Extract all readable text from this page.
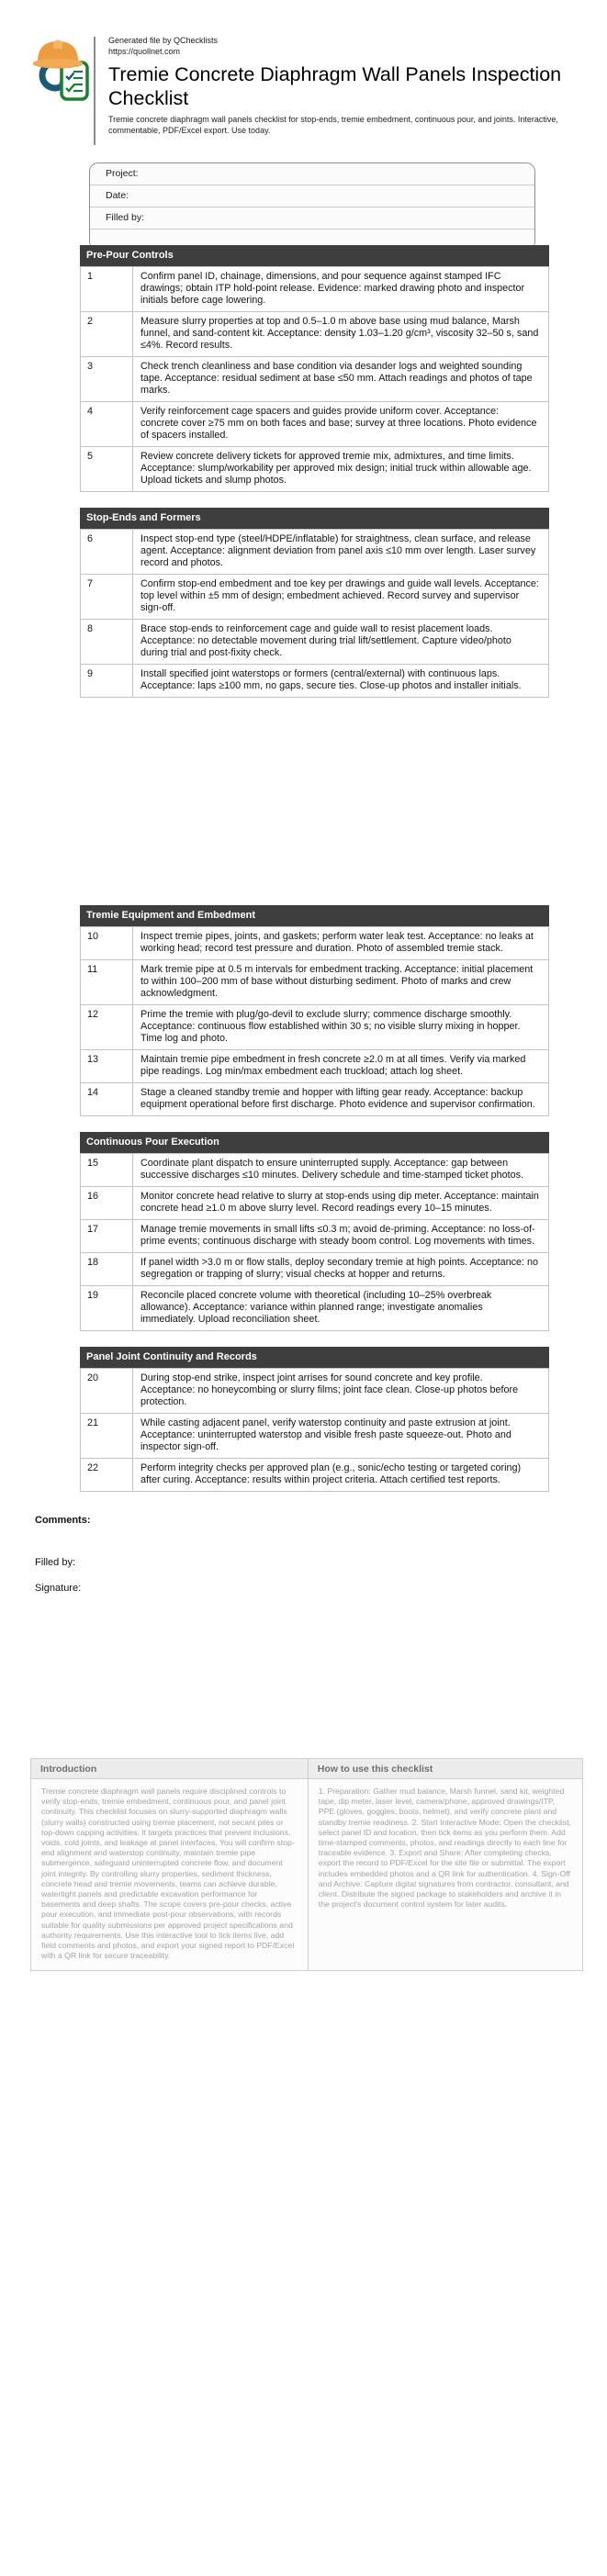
Generated file by QChecklists
https://quollnet.com
Tremie Concrete Diaphragm Wall Panels Inspection Checklist

Tremie concrete diaphragm wall panels checklist for stop-ends, tremie embedment, continuous pour, and joints. Interactive, commentable, PDF/Excel export. Use today.

Project:
Date:
Filled by:
Pre-Pour Controls
1	Confirm panel ID, chainage, dimensions, and pour sequence against stamped IFC drawings; obtain ITP hold-point release. Evidence: marked drawing photo and inspector initials before cage lowering.
2	Measure slurry properties at top and 0.5–1.0 m above base using mud balance, Marsh funnel, and sand-content kit. Acceptance: density 1.03–1.20 g/cm³, viscosity 32–50 s, sand ≤4%. Record results.
3	Check trench cleanliness and base condition via desander logs and weighted sounding tape. Acceptance: residual sediment at base ≤50 mm. Attach readings and photos of tape marks.
4	Verify reinforcement cage spacers and guides provide uniform cover. Acceptance: concrete cover ≥75 mm on both faces and base; survey at three locations. Photo evidence of spacers installed.
5	Review concrete delivery tickets for approved tremie mix, admixtures, and time limits. Acceptance: slump/workability per approved mix design; initial truck within allowable age. Upload tickets and slump photos.
Stop-Ends and Formers
6	Inspect stop-end type (steel/HDPE/inflatable) for straightness, clean surface, and release agent. Acceptance: alignment deviation from panel axis ≤10 mm over length. Laser survey record and photos.
7	Confirm stop-end embedment and toe key per drawings and guide wall levels. Acceptance: top level within ±5 mm of design; embedment achieved. Record survey and supervisor sign-off.
8	Brace stop-ends to reinforcement cage and guide wall to resist placement loads. Acceptance: no detectable movement during trial lift/settlement. Capture video/photo during trial and post-fixity check.
9	Install specified joint waterstops or formers (central/external) with continuous laps. Acceptance: laps ≥100 mm, no gaps, secure ties. Close-up photos and installer initials.
Tremie Equipment and Embedment
10	Inspect tremie pipes, joints, and gaskets; perform water leak test. Acceptance: no leaks at working head; record test pressure and duration. Photo of assembled tremie stack.
11	Mark tremie pipe at 0.5 m intervals for embedment tracking. Acceptance: initial placement to within 100–200 mm of base without disturbing sediment. Photo of marks and crew acknowledgment.
12	Prime the tremie with plug/go-devil to exclude slurry; commence discharge smoothly. Acceptance: continuous flow established within 30 s; no visible slurry mixing in hopper. Time log and photo.
13	Maintain tremie pipe embedment in fresh concrete ≥2.0 m at all times. Verify via marked pipe readings. Log min/max embedment each truckload; attach log sheet.
14	Stage a cleaned standby tremie and hopper with lifting gear ready. Acceptance: backup equipment operational before first discharge. Photo evidence and supervisor confirmation.
Continuous Pour Execution
15	Coordinate plant dispatch to ensure uninterrupted supply. Acceptance: gap between successive discharges ≤10 minutes. Delivery schedule and time-stamped ticket photos.
16	Monitor concrete head relative to slurry at stop-ends using dip meter. Acceptance: maintain concrete head ≥1.0 m above slurry level. Record readings every 10–15 minutes.
17	Manage tremie movements in small lifts ≤0.3 m; avoid de-priming. Acceptance: no loss-of-prime events; continuous discharge with steady boom control. Log movements with times.
18	If panel width >3.0 m or flow stalls, deploy secondary tremie at high points. Acceptance: no segregation or trapping of slurry; visual checks at hopper and returns.
19	Reconcile placed concrete volume with theoretical (including 10–25% overbreak allowance). Acceptance: variance within planned range; investigate anomalies immediately. Upload reconciliation sheet.
Panel Joint Continuity and Records
20	During stop-end strike, inspect joint arrises for sound concrete and key profile. Acceptance: no honeycombing or slurry films; joint face clean. Close-up photos before protection.
21	While casting adjacent panel, verify waterstop continuity and paste extrusion at joint. Acceptance: uninterrupted waterstop and visible fresh paste squeeze-out. Photo and inspector sign-off.
22	Perform integrity checks per approved plan (e.g., sonic/echo testing or targeted coring) after curing. Acceptance: results within project criteria. Attach certified test reports.
Comments:
Filled by:
Signature:
Introduction
Tremie concrete diaphragm wall panels require disciplined controls to verify stop-ends, tremie embedment, continuous pour, and panel joint continuity. This checklist focuses on slurry-supported diaphragm walls (slurry walls) constructed using tremie placement, not secant piles or top-down capping activities. It targets practices that prevent inclusions, voids, cold joints, and leakage at panel interfaces. You will confirm stop-end alignment and waterstop continuity, maintain tremie pipe submergence, safeguard uninterrupted concrete flow, and document joint integrity. By controlling slurry properties, sediment thickness, concrete head and tremie movements, teams can achieve durable, watertight panels and predictable excavation performance for basements and deep shafts. The scope covers pre-pour checks, active pour execution, and immediate post-pour observations, with records suitable for quality submissions per approved project specifications and authority requirements. Use this interactive tool to tick items live, add field comments and photos, and export your signed report to PDF/Excel with a QR link for secure traceability.
How to use this checklist
1. Preparation: Gather mud balance, Marsh funnel, sand kit, weighted tape, dip meter, laser level, camera/phone, approved drawings/ITP, PPE (gloves, goggles, boots, helmet), and verify concrete plant and standby tremie readiness. 2. Start Interactive Mode: Open the checklist, select panel ID and location, then tick items as you perform them. Add time-stamped comments, photos, and readings directly to each line for traceable evidence. 3. Export and Share: After completing checks, export the record to PDF/Excel for the site file or submittal. The export includes embedded photos and a QR link for authentication. 4. Sign-Off and Archive: Capture digital signatures from contractor, consultant, and client. Distribute the signed package to stakeholders and archive it in the project's document control system for later audits.
